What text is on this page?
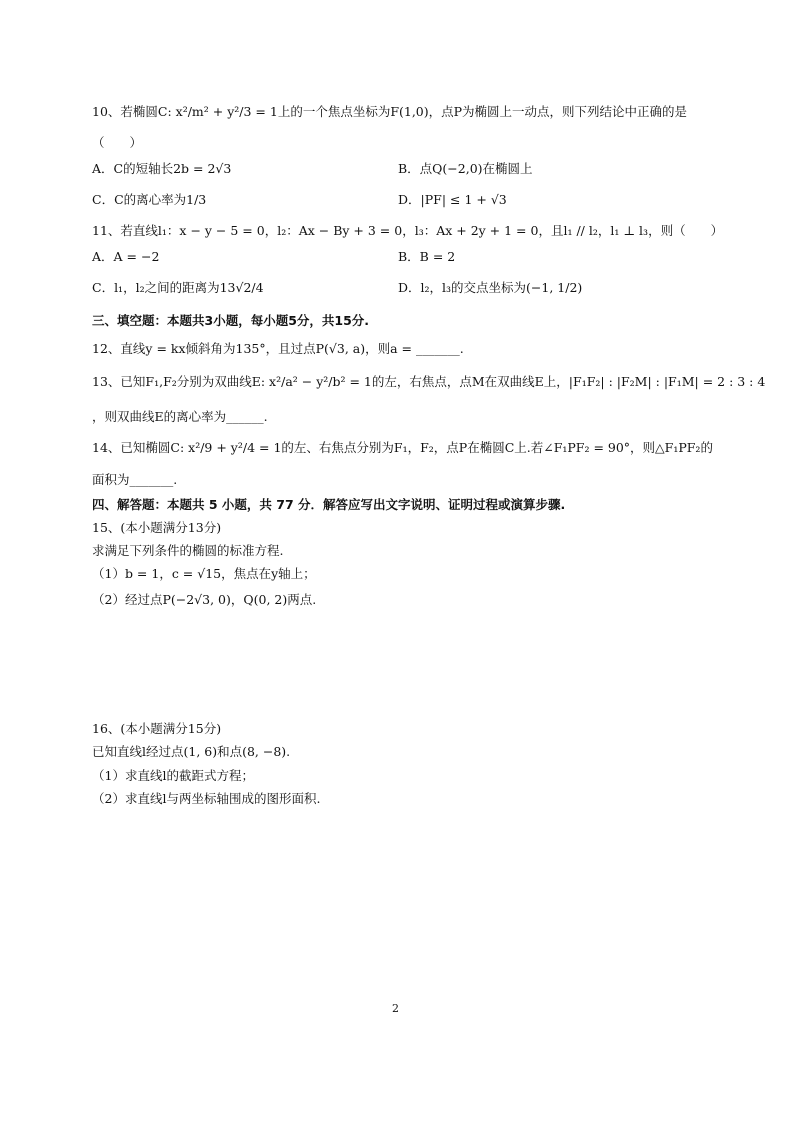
10、若椭圆C: x²/m² + y²/3 = 1上的一个焦点坐标为F(1,0)，点P为椭圆上一动点，则下列结论中正确的是
（　　）
A．C的短轴长2b = 2√3	B．点Q(−2,0)在椭圆上
C．C的离心率为1/3	D．|PF| ≤ 1 + √3
11、若直线l₁：x − y − 5 = 0，l₂：Ax − By + 3 = 0，l₃：Ax + 2y + 1 = 0，且l₁ // l₂，l₁ ⊥ l₃，则（　　）
A．A = −2	B．B = 2
C．l₁，l₂之间的距离为13√2/4	D．l₂，l₃的交点坐标为(−1, 1/2)
三、填空题：本题共3小题，每小题5分，共15分.
12、直线y = kx倾斜角为135°，且过点P(√3, a)，则a = _______.
13、已知F₁,F₂分别为双曲线E: x²/a² − y²/b² = 1的左，右焦点，点M在双曲线E上，|F₁F₂| : |F₂M| : |F₁M| = 2 : 3 : 4
，则双曲线E的离心率为______.
14、已知椭圆C: x²/9 + y²/4 = 1的左、右焦点分别为F₁，F₂，点P在椭圆C上.若∠F₁PF₂ = 90°，则△F₁PF₂的
面积为_______.
四、解答题：本题共 5 小题，共 77 分．解答应写出文字说明、证明过程或演算步骤.
15、(本小题满分13分)
求满足下列条件的椭圆的标准方程.
（1）b = 1，c = √15，焦点在y轴上；
（2）经过点P(−2√3, 0)，Q(0, 2)两点.
16、(本小题满分15分)
已知直线l经过点(1, 6)和点(8, −8).
（1）求直线l的截距式方程；
（2）求直线l与两坐标轴围成的图形面积.
2
